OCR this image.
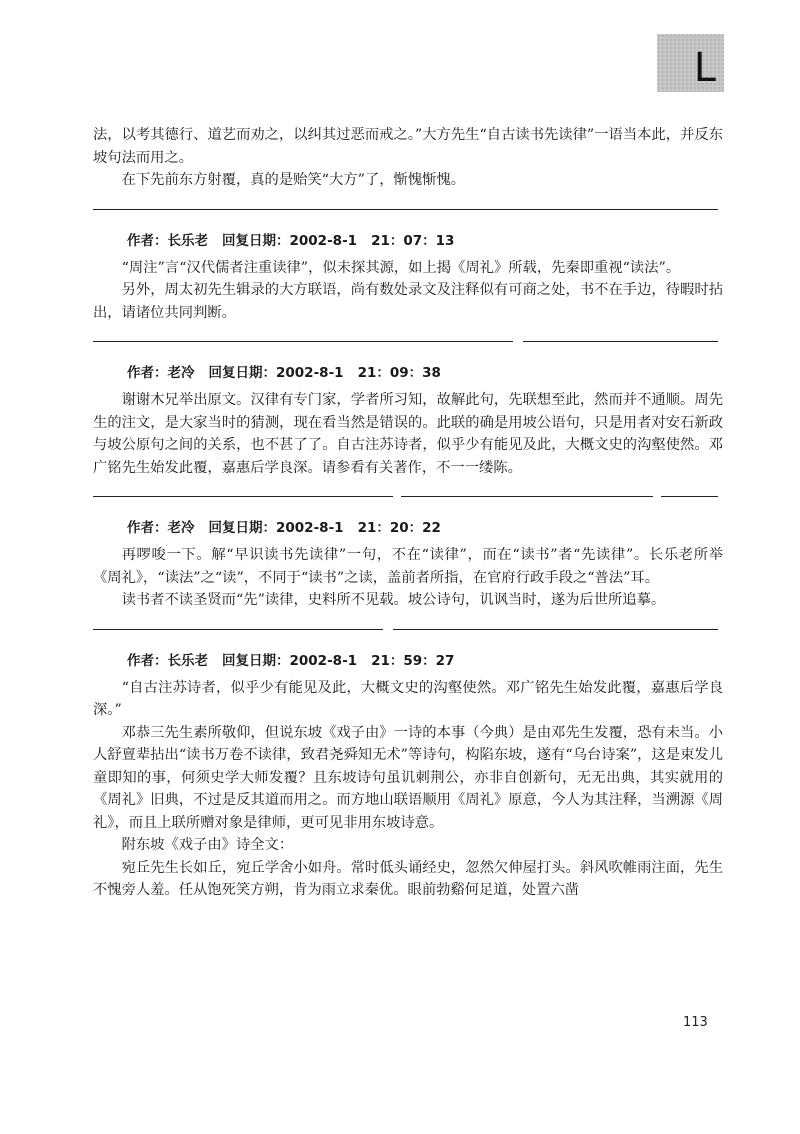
L

法，以考其德行、道艺而劝之，以纠其过恶而戒之。”大方先生“自古读书先读律”一语当本此，并反东坡句法而用之。

在下先前东方射覆，真的是贻笑“大方”了，惭愧惭愧。

作者：长乐老 回复日期：2002-8-1 21：07：13

“周注”言“汉代儒者注重读律”，似未探其源，如上揭《周礼》所载，先秦即重视“读法”。

另外，周太初先生辑录的大方联语，尚有数处录文及注释似有可商之处，书不在手边，待暇时拈出，请诸位共同判断。

作者：老冷 回复日期：2002-8-1 21：09：38

谢谢木兄举出原文。汉律有专门家，学者所习知，故解此句，先联想至此，然而并不通顺。周先生的注文，是大家当时的猜测，现在看当然是错误的。此联的确是用坡公语句，只是用者对安石新政与坡公原句之间的关系，也不甚了了。自古注苏诗者，似乎少有能见及此，大概文史的沟壑使然。邓广铭先生始发此覆，嘉惠后学良深。请参看有关著作，不一一缕陈。

作者：老冷 回复日期：2002-8-1 21：20：22

再啰唆一下。解“早识读书先读律”一句，不在“读律”，而在“读书”者“先读律”。长乐老所举《周礼》，“读法”之“读”，不同于“读书”之读，盖前者所指，在官府行政手段之“普法”耳。

读书者不读圣贤而“先”读律，史料所不见载。坡公诗句，讥讽当时，遂为后世所追摹。

作者：长乐老 回复日期：2002-8-1 21：59：27

“自古注苏诗者，似乎少有能见及此，大概文史的沟壑使然。邓广铭先生始发此覆，嘉惠后学良深。”

邓恭三先生素所敬仰，但说东坡《戏子由》一诗的本事（今典）是由邓先生发覆，恐有未当。小人舒亶辈拈出“读书万卷不读律，致君尧舜知无术”等诗句，构陷东坡，遂有“乌台诗案”，这是束发儿童即知的事，何须史学大师发覆？且东坡诗句虽讥刺荆公，亦非自创新句，无无出典，其实就用的《周礼》旧典，不过是反其道而用之。而方地山联语顺用《周礼》原意，今人为其注释，当溯源《周礼》，而且上联所赠对象是律师，更可见非用东坡诗意。

附东坡《戏子由》诗全文：

宛丘先生长如丘，宛丘学舍小如舟。常时低头诵经史，忽然欠伸屋打头。斜风吹帷雨注面，先生不愧旁人羞。任从饱死笑方朔，肯为雨立求秦优。眼前勃谿何足道，处置六凿

113
